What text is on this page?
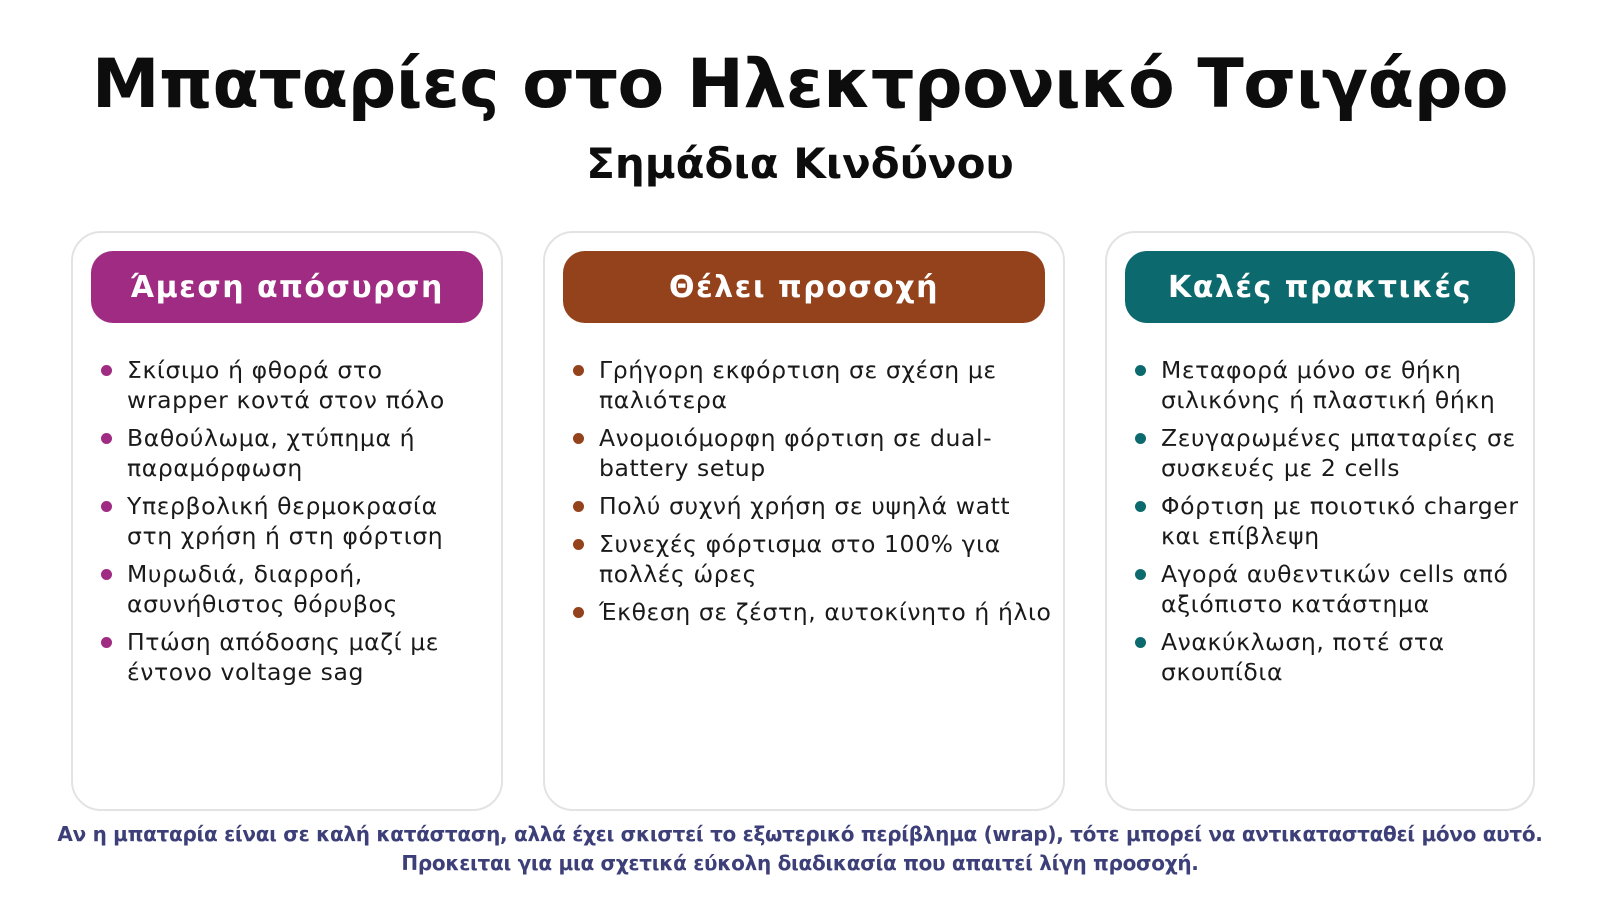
Μπαταρίες στο Ηλεκτρονικό Τσιγάρο
Σημάδια Κινδύνου
Άμεση απόσυρση
Σκίσιμο ή φθορά στο wrapper κοντά στον πόλο
Βαθούλωμα, χτύπημα ή παραμόρφωση
Υπερβολική θερμοκρασία στη χρήση ή στη φόρτιση
Μυρωδιά, διαρροή, ασυνήθιστος θόρυβος
Πτώση απόδοσης μαζί με έντονο voltage sag
Θέλει προσοχή
Γρήγορη εκφόρτιση σε σχέση με παλιότερα
Ανομοιόμορφη φόρτιση σε dual-battery setup
Πολύ συχνή χρήση σε υψηλά watt
Συνεχές φόρτισμα στο 100% για πολλές ώρες
Έκθεση σε ζέστη, αυτοκίνητο ή ήλιο
Καλές πρακτικές
Μεταφορά μόνο σε θήκη σιλικόνης ή πλαστική θήκη
Ζευγαρωμένες μπαταρίες σε συσκευές με 2 cells
Φόρτιση με ποιοτικό charger και επίβλεψη
Αγορά αυθεντικών cells από αξιόπιστο κατάστημα
Ανακύκλωση, ποτέ στα σκουπίδια
Αν η μπαταρία είναι σε καλή κατάσταση, αλλά έχει σκιστεί το εξωτερικό περίβλημα (wrap), τότε μπορεί να αντικατασταθεί μόνο αυτό.
Προκειται για μια σχετικά εύκολη διαδικασία που απαιτεί λίγη προσοχή.
